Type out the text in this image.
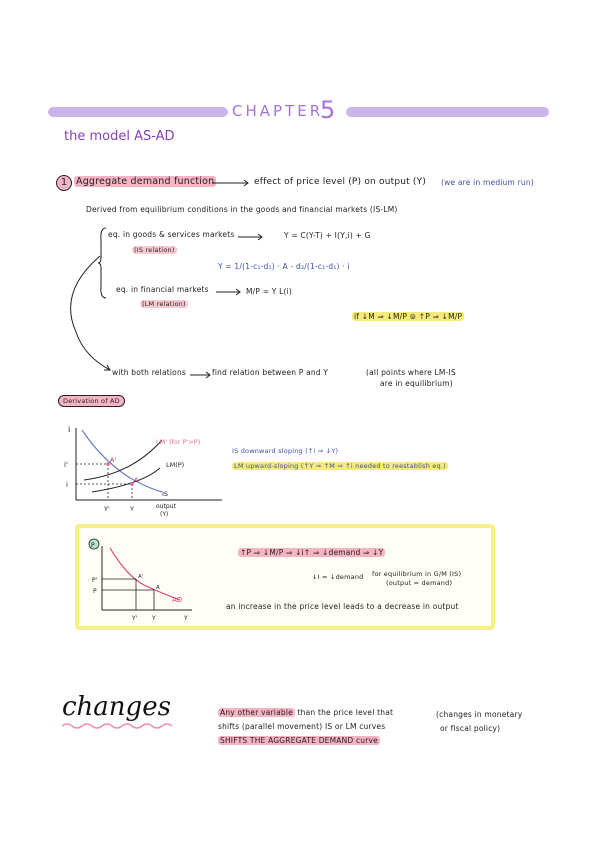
CHAPTER
5
the model AS-AD
1 Aggregate demand function	effect of price level (P) on output (Y) (we are in medium run)
Derived from equilibrium conditions in the goods and financial markets (IS-LM)
eq. in goods & services markets	Y = C(Y-T) + I(Y,i) + G
(IS relation)
Y = 1/(1-c₁-d₁) · A - d₂/(1-c₁-d₁) · i
eq. in financial markets	M/P = Y L(i)
(LM relation)
if ↓M ⇒ ↓M/P ⊜ ↑P ⇒ ↓M/P
with both relations	find relation between P and Y	(all points where LM-IS
are in equilibrium)
Derivation of AD
i
i'
i
A'
A
LM' (for P'>P)
LM(P)
IS
Y'	Y	output
(Y)
IS downward sloping (↑i ⇒ ↓Y)
LM upward-sloping (↑Y ⇒ ↑M ⇒ ↑i needed to reestablish eq.)
P
P'
P
A'
A
AD
Y' Y	Y
↑P ⇒ ↓M/P ⇒ ↓i↑ ⇒ ↓demand ⇒ ↓Y
↓I = ↓demand for equilibrium in G/M (IS)
(output = demand)
an increase in the price level leads to a decrease in output
changes	Any other variable than the price level that
shifts (parallel movement) IS or LM curves
SHIFTS THE AGGREGATE DEMAND curve
(changes in monetary
or fiscal policy)
